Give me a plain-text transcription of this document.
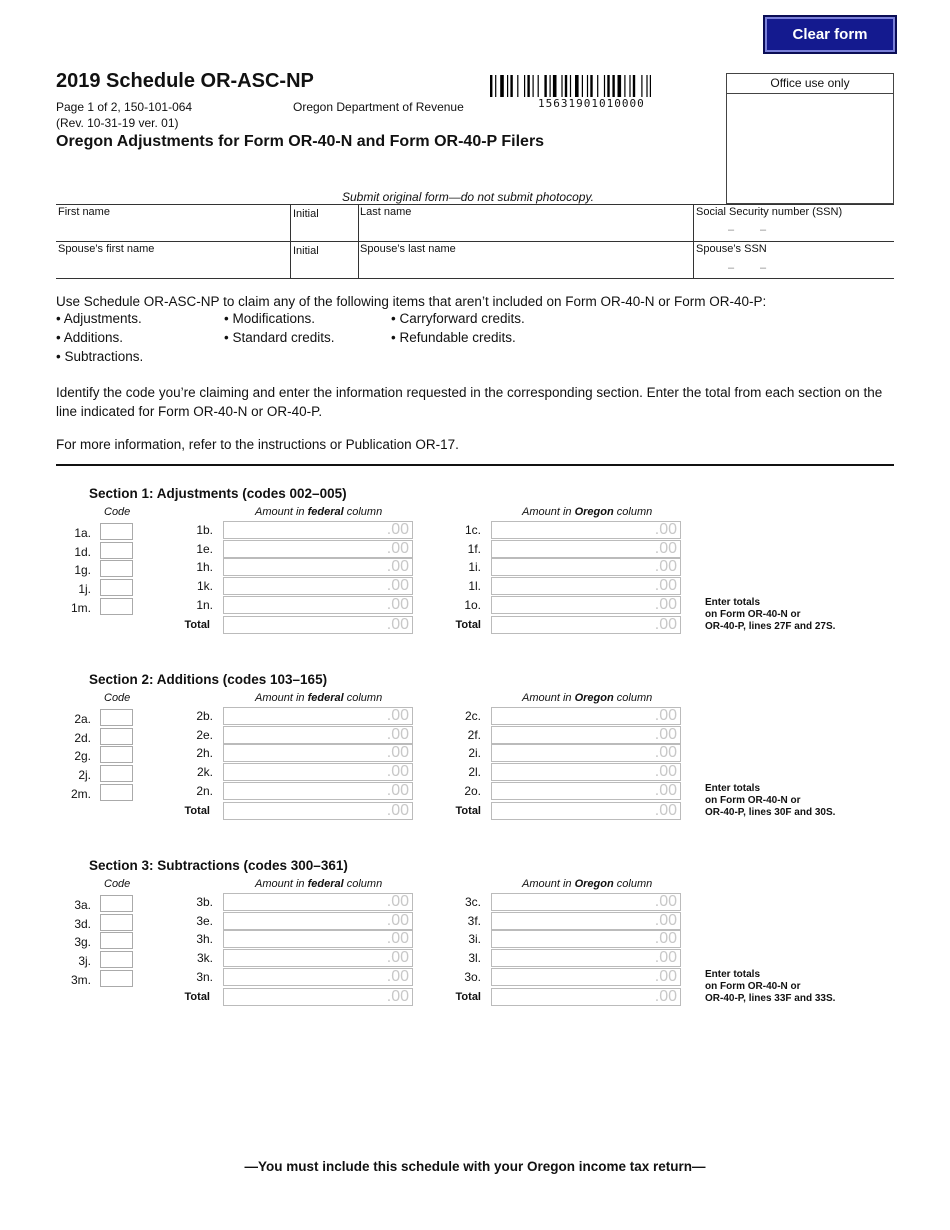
Clear form
2019 Schedule OR-ASC-NP
Page 1 of 2, 150-101-064
(Rev. 10-31-19 ver. 01)
Oregon Department of Revenue
Oregon Adjustments for Form OR-40-N and Form OR-40-P Filers
15631901010000
Office use only
Submit original form—do not submit photocopy.
First name	Initial	Last name	Social Security number (SSN)
– –
Spouse’s first name	Initial	Spouse’s last name	Spouse’s SSN
– –
Use Schedule OR-ASC-NP to claim any of the following items that aren’t included on Form OR-40-N or Form OR-40-P:
• Adjustments.
• Additions.
• Subtractions.
• Modifications.
• Standard credits.
• Carryforward credits.
• Refundable credits.
Identify the code you’re claiming and enter the information requested in the corresponding section. Enter the total from each section on the line indicated for Form OR-40-N or OR-40-P.
For more information, refer to the instructions or Publication OR-17.
Section 1: Adjustments (codes 002–005)
Code	Amount in federal column	Amount in Oregon column
1a.	1b.	.00	1c.	.00
1d.	1e.	.00	1f.	.00
1g.	1h.	.00	1i.	.00
1j.	1k.	.00	1l.	.00
1m.	1n.	.00	1o.	.00
Total	.00	Total	.00
Enter totals
on Form OR-40-N or
OR-40-P, lines 27F and 27S.
Section 2: Additions (codes 103–165)
Code	Amount in federal column	Amount in Oregon column
2a.	2b.	.00	2c.	.00
2d.	2e.	.00	2f.	.00
2g.	2h.	.00	2i.	.00
2j.	2k.	.00	2l.	.00
2m.	2n.	.00	2o.	.00
Total	.00	Total	.00
Enter totals
on Form OR-40-N or
OR-40-P, lines 30F and 30S.
Section 3: Subtractions (codes 300–361)
Code	Amount in federal column	Amount in Oregon column
3a.	3b.	.00	3c.	.00
3d.	3e.	.00	3f.	.00
3g.	3h.	.00	3i.	.00
3j.	3k.	.00	3l.	.00
3m.	3n.	.00	3o.	.00
Total	.00	Total	.00
Enter totals
on Form OR-40-N or
OR-40-P, lines 33F and 33S.
—You must include this schedule with your Oregon income tax return—
